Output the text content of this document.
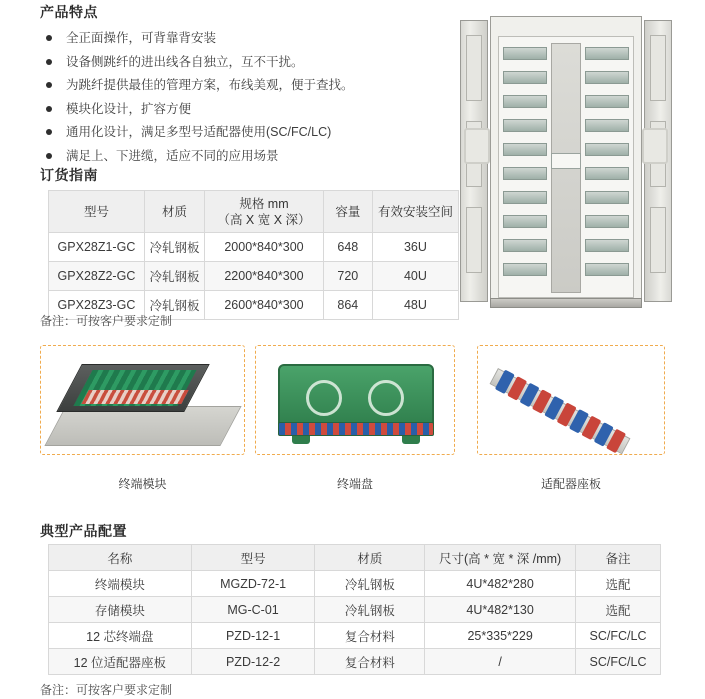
产品特点
全正面操作，可背靠背安装
设备侧跳纤的进出线各自独立，互不干扰。
为跳纤提供最佳的管理方案，布线美观，便于查找。
模块化设计，扩容方便
通用化设计，满足多型号适配器使用(SC/FC/LC)
满足上、下进缆，适应不同的应用场景
订货指南
型号	材质	规格 mm
（高 X 宽 X 深）	容量	有效安装空间
GPX28Z1-GC	冷轧钢板	2000*840*300	648	36U
GPX28Z2-GC	冷轧钢板	2200*840*300	720	40U
GPX28Z3-GC	冷轧钢板	2600*840*300	864	48U
备注：可按客户要求定制
终端模块	终端盘	适配器座板
典型产品配置
名称	型号	材质	尺寸(高 * 宽 * 深 /mm)	备注
终端模块	MGZD-72-1	冷轧钢板	4U*482*280	选配
存储模块	MG-C-01	冷轧钢板	4U*482*130	选配
12 芯终端盘	PZD-12-1	复合材料	25*335*229	SC/FC/LC
12 位适配器座板	PZD-12-2	复合材料	/	SC/FC/LC
备注：可按客户要求定制
